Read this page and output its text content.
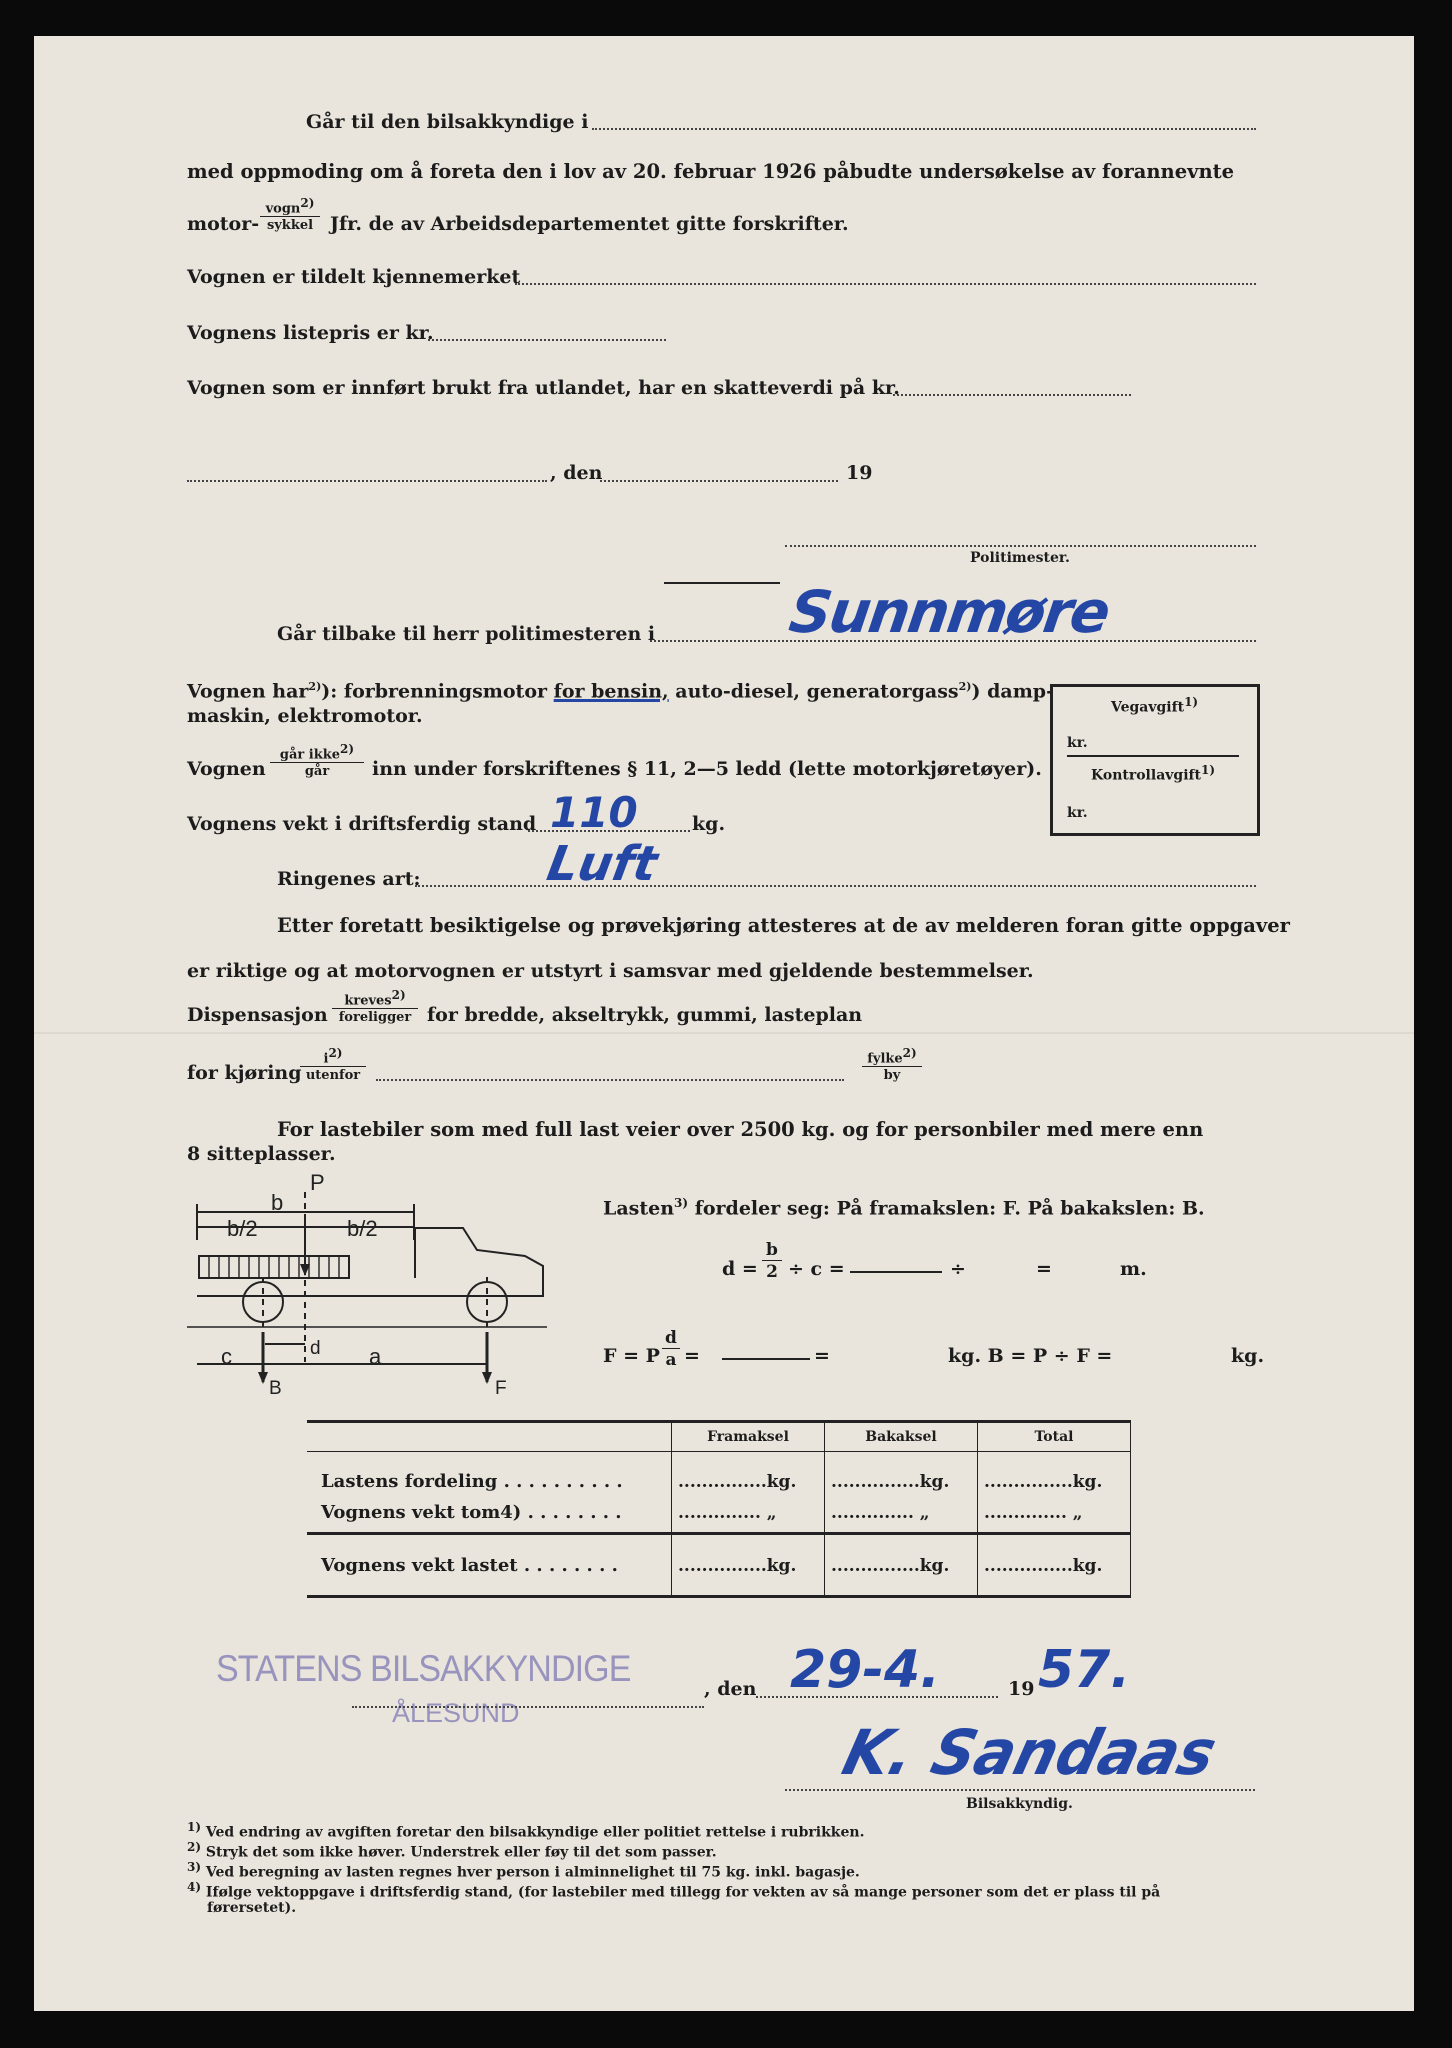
Går til den bilsakkyndige i
med oppmoding om å foreta den i lov av 20. februar 1926 påbudte undersøkelse av forannevnte
motor-
vogn$^{2)}$
sykkel Jfr. de av Arbeidsdepartementet gitte forskrifter.
Vognen er tildelt kjennemerket
Vognens listepris er kr.
Vognen som er innført brukt fra utlandet, har en skatteverdi på kr.
, den	19
Politimester.
Går tilbake til herr politimesteren i Sunnmøre
Vognen har$^{2)}$): forbrenningsmotor for bensin, auto-diesel, generatorgass$^{2)}$) damp-
maskin, elektromotor.	Vegavgift$^{1)}$
kr.
Kontrollavgift$^{1)}$
kr.
Vognen
går ikke$^{2)}$
går	inn under forskriftenes § 11, 2—5 ledd (lette motorkjøretøyer).
Vognens vekt i driftsferdig stand 110	kg.
Ringenes art:	Luft
Etter foretatt besiktigelse og prøvekjøring attesteres at de av melderen foran gitte oppgaver
er riktige og at motorvognen er utstyrt i samsvar med gjeldende bestemmelser.
Dispensasjon
kreves$^{2)}$
foreligger for bredde, akseltrykk, gummi, lasteplan
for kjøring
$i^{2)}$
utenfor
fylke$^{2)}$
by
For lastebiler som med full last veier over 2500 kg. og for personbiler med mere enn
8 sitteplasser.
P
b
b/2	b/2
d
c	a
B	F
Lasten$^{3)}$ fordeler seg: På framakslen: F. På bakakslen: B.
$d = \frac{b}{2} \div c$ =	÷	=	m.
F = P $\frac{d}{a}$ =	=	kg. B = P ÷ F =	kg.
	Framaksel	Bakaksel	Total
Lastens fordeling . . . . . . . . . .	...............kg.	...............kg.	...............kg.
Vognens vekt tom4) . . . . . . . .	.............. „	.............. „	.............. „
Vognens vekt lastet . . . . . . . .	...............kg.	...............kg.	...............kg.
STATENS BILSAKKYNDIGE
ÅLESUND
, den 29-4.	19 57.
K. Sandaas
Bilsakkyndig.
$^{1)}$ Ved endring av avgiften foretar den bilsakkyndige eller politiet rettelse i rubrikken.
$^{2)}$ Stryk det som ikke høver. Understrek eller føy til det som passer.
$^{3)}$ Ved beregning av lasten regnes hver person i alminnelighet til 75 kg. inkl. bagasje.
$^{4)}$ Ifølge vektoppgave i driftsferdig stand, (for lastebiler med tillegg for vekten av så mange personer som det er plass til på
førersetet).
